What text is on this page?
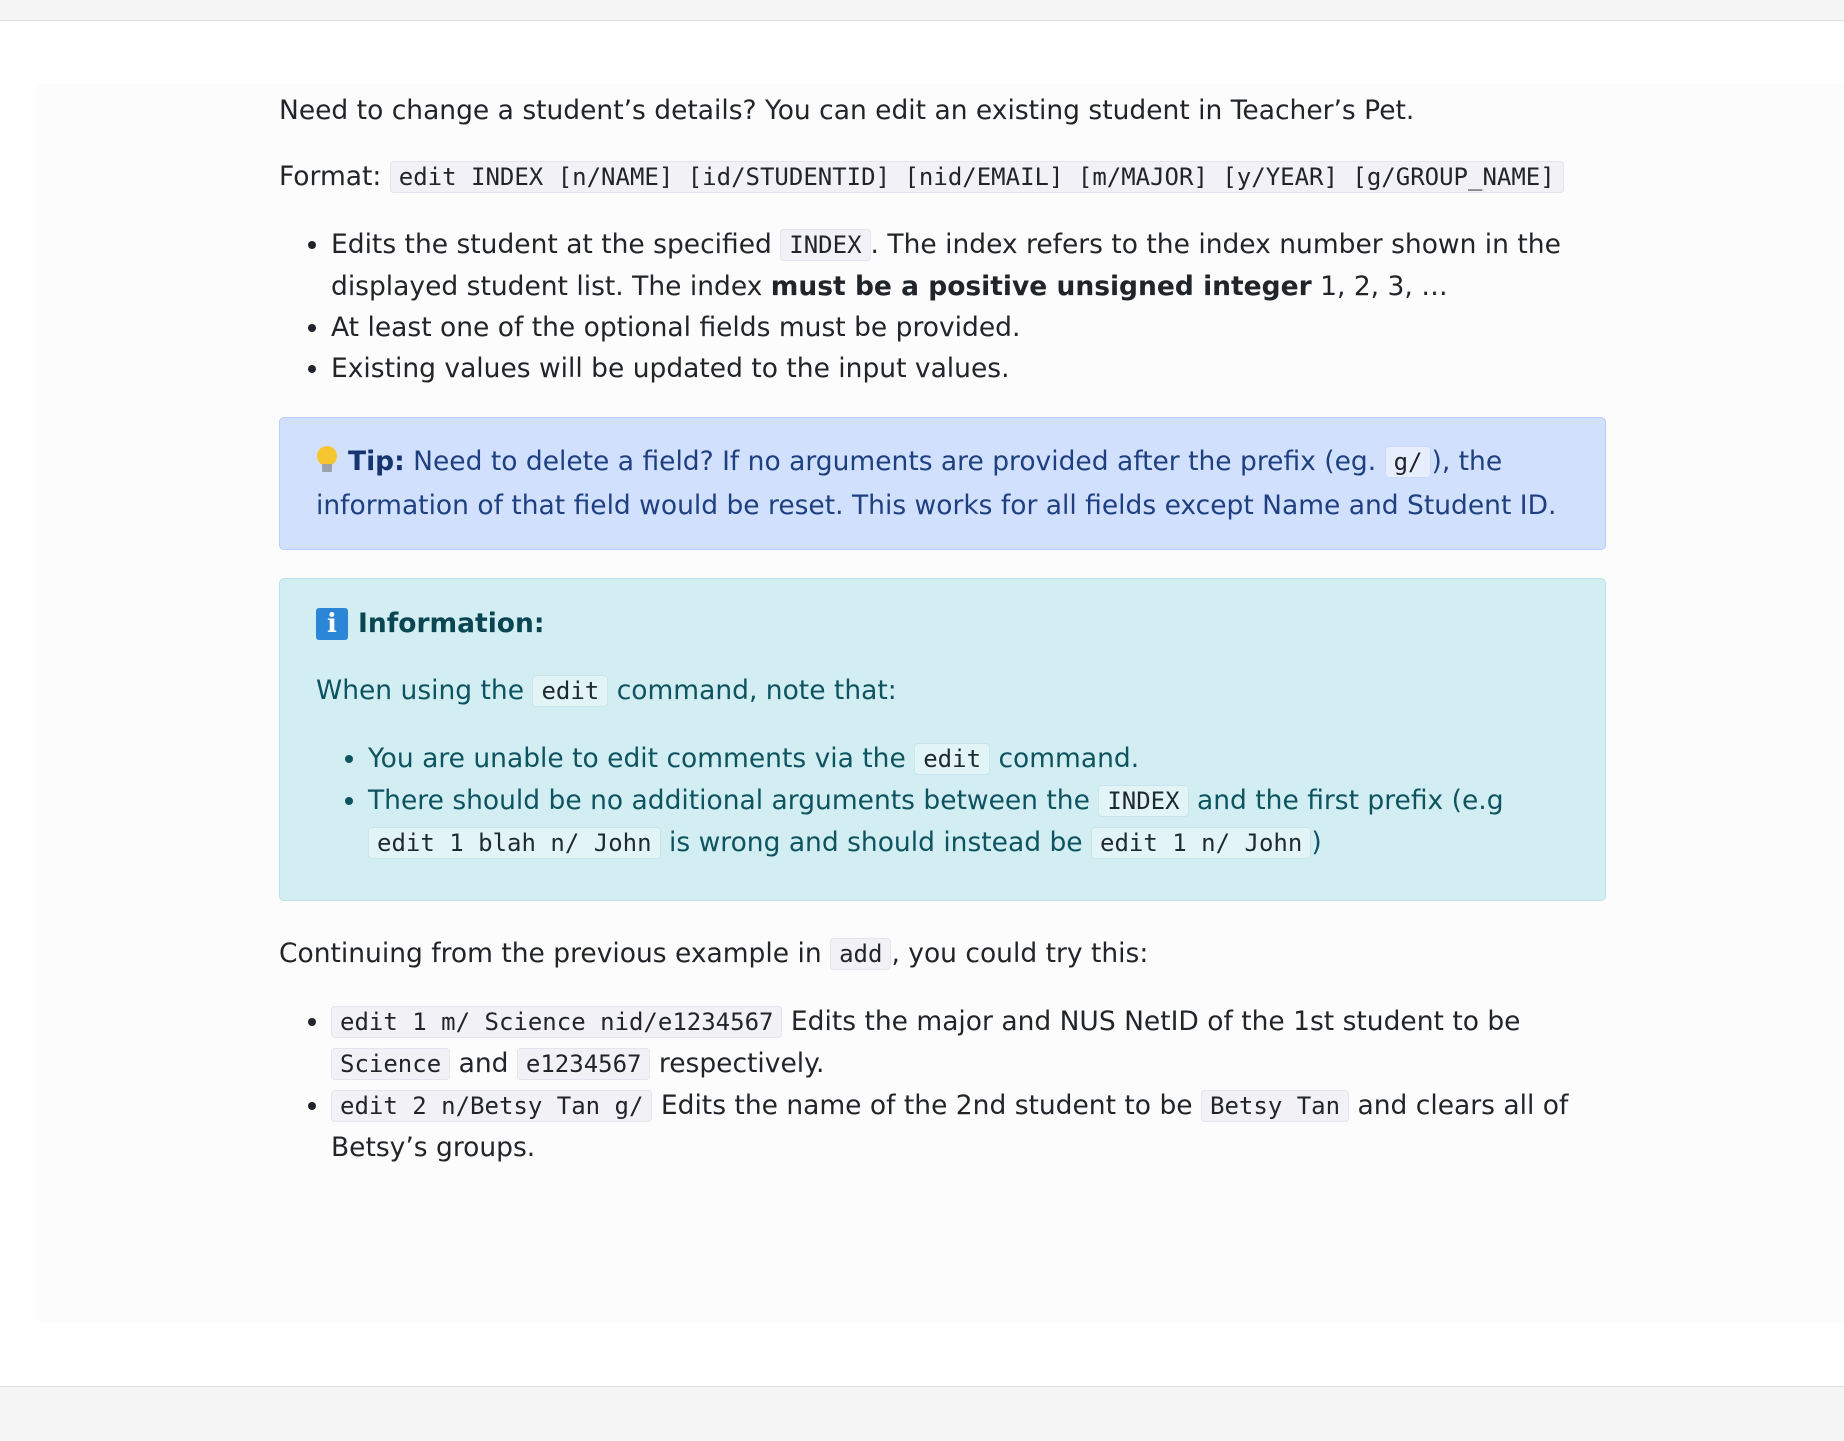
Need to change a student’s details? You can edit an existing student in Teacher’s Pet.

Format: edit INDEX [n/NAME] [id/STUDENTID] [nid/EMAIL] [m/MAJOR] [y/YEAR] [g/GROUP_NAME]

• Edits the student at the specified INDEX . The index refers to the index number shown in the displayed student list. The index must be a positive unsigned integer 1, 2, 3, …
• At least one of the optional fields must be provided.
• Existing values will be updated to the input values.
Tip: Need to delete a field? If no arguments are provided after the prefix (eg. g/ ), the information of that field would be reset. This works for all fields except Name and Student ID.
i Information:

When using the edit command, note that:

• You are unable to edit comments via the edit command.
• There should be no additional arguments between the INDEX and the first prefix (e.g edit 1 blah n/ John is wrong and should instead be edit 1 n/ John )

Continuing from the previous example in add , you could try this:

• edit 1 m/ Science nid/e1234567 Edits the major and NUS NetID of the 1st student to be Science and e1234567 respectively.
• edit 2 n/Betsy Tan g/ Edits the name of the 2nd student to be Betsy Tan and clears all of Betsy’s groups.
